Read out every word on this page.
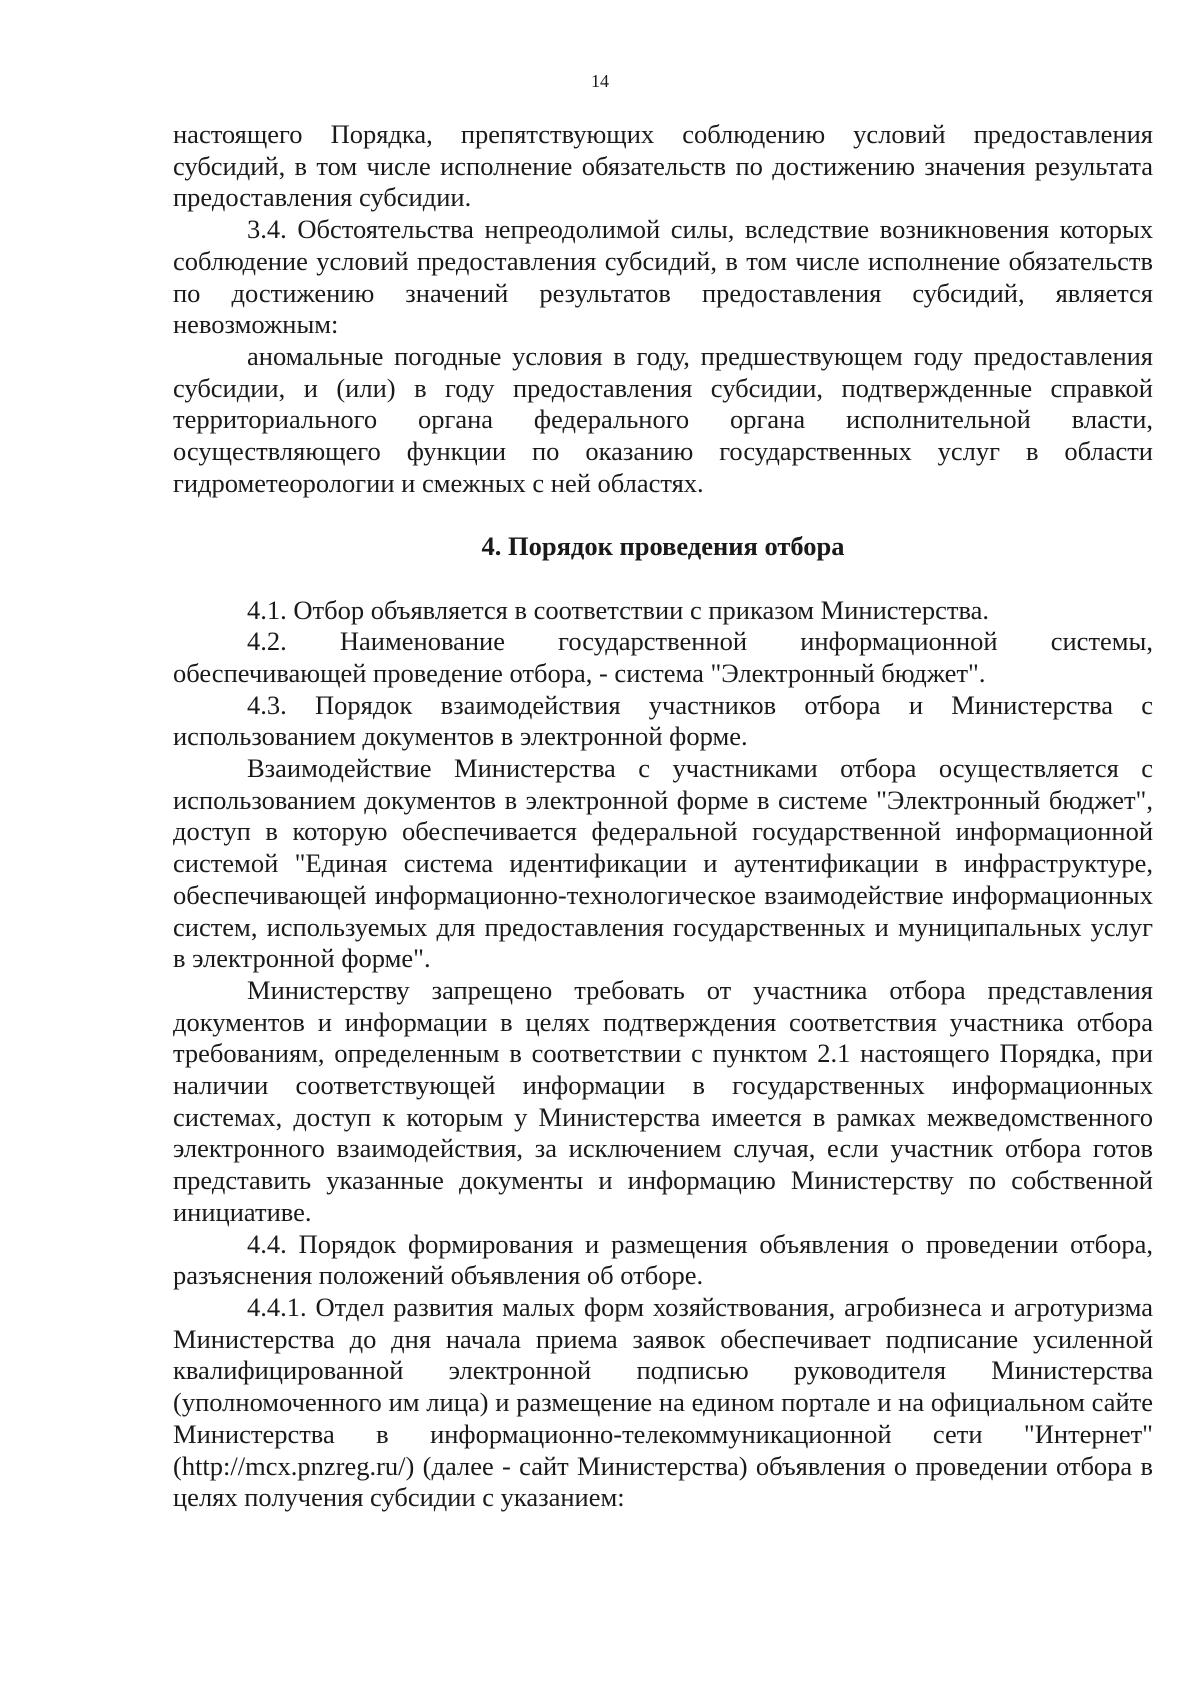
14

настоящего Порядка, препятствующих соблюдению условий предоставления субсидий, в том числе исполнение обязательств по достижению значения результата предоставления субсидии.

3.4. Обстоятельства непреодолимой силы, вследствие возникновения которых соблюдение условий предоставления субсидий, в том числе исполнение обязательств по достижению значений результатов предоставления субсидий, является невозможным:

аномальные погодные условия в году, предшествующем году предоставления субсидии, и (или) в году предоставления субсидии, подтвержденные справкой территориального органа федерального органа исполнительной власти, осуществляющего функции по оказанию государственных услуг в области гидрометеорологии и смежных с ней областях.

4. Порядок проведения отбора

4.1. Отбор объявляется в соответствии с приказом Министерства.

4.2. Наименование государственной информационной системы, обеспечивающей проведение отбора, - система "Электронный бюджет".

4.3. Порядок взаимодействия участников отбора и Министерства с использованием документов в электронной форме.

Взаимодействие Министерства с участниками отбора осуществляется с использованием документов в электронной форме в системе "Электронный бюджет", доступ в которую обеспечивается федеральной государственной информационной системой "Единая система идентификации и аутентификации в инфраструктуре, обеспечивающей информационно-технологическое взаимодействие информационных систем, используемых для предоставления государственных и муниципальных услуг в электронной форме".

Министерству запрещено требовать от участника отбора представления документов и информации в целях подтверждения соответствия участника отбора требованиям, определенным в соответствии с пунктом 2.1 настоящего Порядка, при наличии соответствующей информации в государственных информационных системах, доступ к которым у Министерства имеется в рамках межведомственного электронного взаимодействия, за исключением случая, если участник отбора готов представить указанные документы и информацию Министерству по собственной инициативе.

4.4. Порядок формирования и размещения объявления о проведении отбора, разъяснения положений объявления об отборе.

4.4.1. Отдел развития малых форм хозяйствования, агробизнеса и агротуризма Министерства до дня начала приема заявок обеспечивает подписание усиленной квалифицированной электронной подписью руководителя Министерства (уполномоченного им лица) и размещение на едином портале и на официальном сайте Министерства в информационно-телекоммуникационной сети "Интернет" (http://mcx.pnzreg.ru/) (далее - сайт Министерства) объявления о проведении отбора в целях получения субсидии с указанием:
